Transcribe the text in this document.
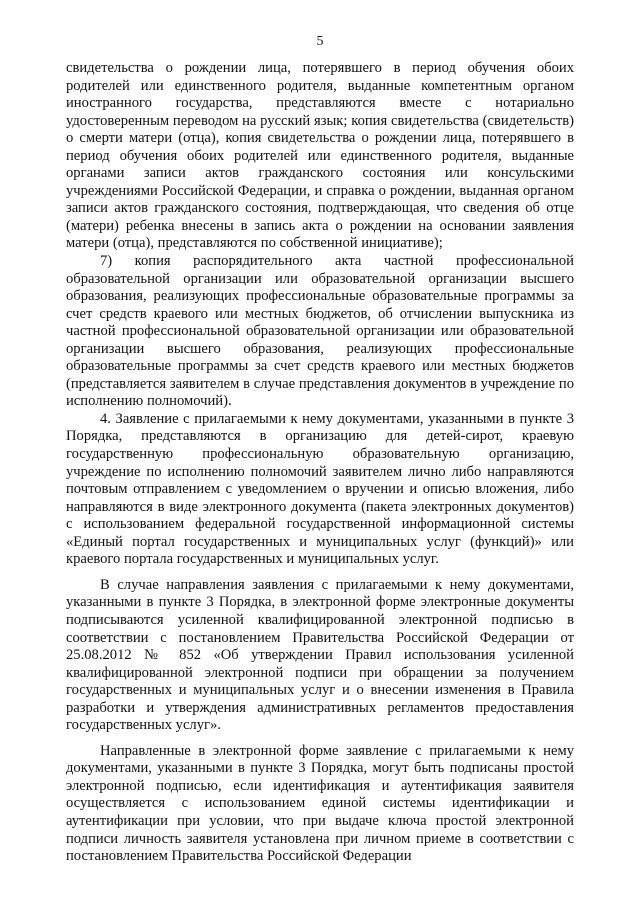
5

свидетельства о рождении лица, потерявшего в период обучения обоих родителей или единственного родителя, выданные компетентным органом иностранного государства, представляются вместе с нотариально удостоверенным переводом на русский язык; копия свидетельства (свидетельств) о смерти матери (отца), копия свидетельства о рождении лица, потерявшего в период обучения обоих родителей или единственного родителя, выданные органами записи актов гражданского состояния или консульскими учреждениями Российской Федерации, и справка о рождении, выданная органом записи актов гражданского состояния, подтверждающая, что сведения об отце (матери) ребенка внесены в запись акта о рождении на основании заявления матери (отца), представляются по собственной инициативе);

7) копия распорядительного акта частной профессиональной образовательной организации или образовательной организации высшего образования, реализующих профессиональные образовательные программы за счет средств краевого или местных бюджетов, об отчислении выпускника из частной профессиональной образовательной организации или образовательной организации высшего образования, реализующих профессиональные образовательные программы за счет средств краевого или местных бюджетов (представляется заявителем в случае представления документов в учреждение по исполнению полномочий).

4. Заявление с прилагаемыми к нему документами, указанными в пункте 3 Порядка, представляются в организацию для детей-сирот, краевую государственную профессиональную образовательную организацию, учреждение по исполнению полномочий заявителем лично либо направляются почтовым отправлением с уведомлением о вручении и описью вложения, либо направляются в виде электронного документа (пакета электронных документов) с использованием федеральной государственной информационной системы «Единый портал государственных и муниципальных услуг (функций)» или краевого портала государственных и муниципальных услуг.

В случае направления заявления с прилагаемыми к нему документами, указанными в пункте 3 Порядка, в электронной форме электронные документы подписываются усиленной квалифицированной электронной подписью в соответствии с постановлением Правительства Российской Федерации от 25.08.2012 № 852 «Об утверждении Правил использования усиленной квалифицированной электронной подписи при обращении за получением государственных и муниципальных услуг и о внесении изменения в Правила разработки и утверждения административных регламентов предоставления государственных услуг».

Направленные в электронной форме заявление с прилагаемыми к нему документами, указанными в пункте 3 Порядка, могут быть подписаны простой электронной подписью, если идентификация и аутентификация заявителя осуществляется с использованием единой системы идентификации и аутентификации при условии, что при выдаче ключа простой электронной подписи личность заявителя установлена при личном приеме в соответствии с постановлением Правительства Российской Федерации
